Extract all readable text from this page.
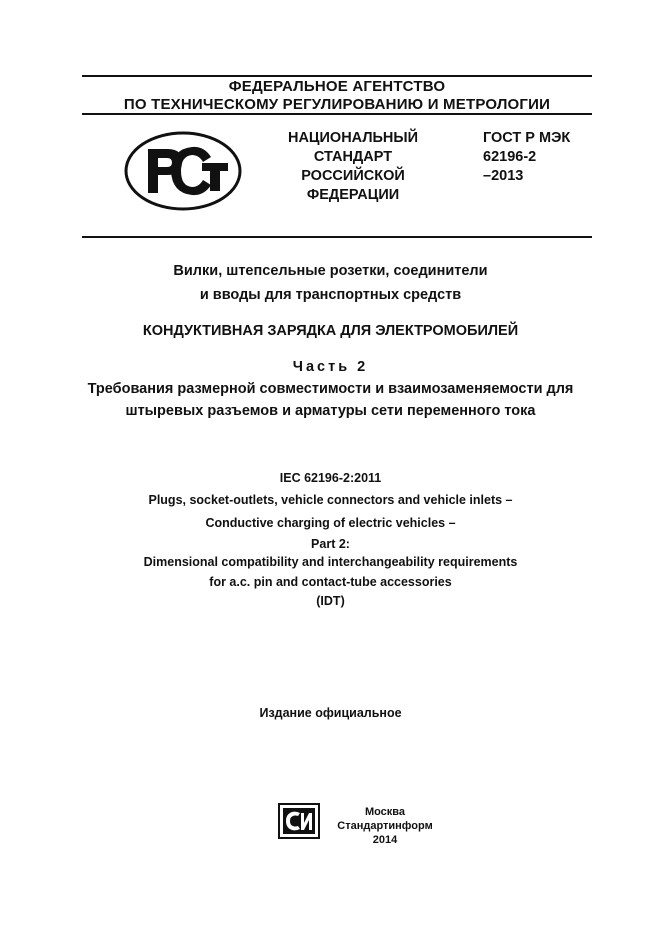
ФЕДЕРАЛЬНОЕ АГЕНТСТВО
ПО ТЕХНИЧЕСКОМУ РЕГУЛИРОВАНИЮ И МЕТРОЛОГИИ
НАЦИОНАЛЬНЫЙ
СТАНДАРТ
РОССИЙСКОЙ
ФЕДЕРАЦИИ
ГОСТ Р МЭК
62196-2
–2013
Вилки, штепсельные розетки, соединители
и вводы для транспортных средств
КОНДУКТИВНАЯ ЗАРЯДКА ДЛЯ ЭЛЕКТРОМОБИЛЕЙ
Часть 2
Требования размерной совместимости и взаимозаменяемости для
штыревых разъемов и арматуры сети переменного тока
IEC 62196-2:2011
Plugs, socket-outlets, vehicle connectors and vehicle inlets –
Conductive charging of electric vehicles –
Part 2:
Dimensional compatibility and interchangeability requirements
for a.c. pin and contact-tube accessories
(IDT)
Издание официальное
Москва
Стандартинформ
2014
